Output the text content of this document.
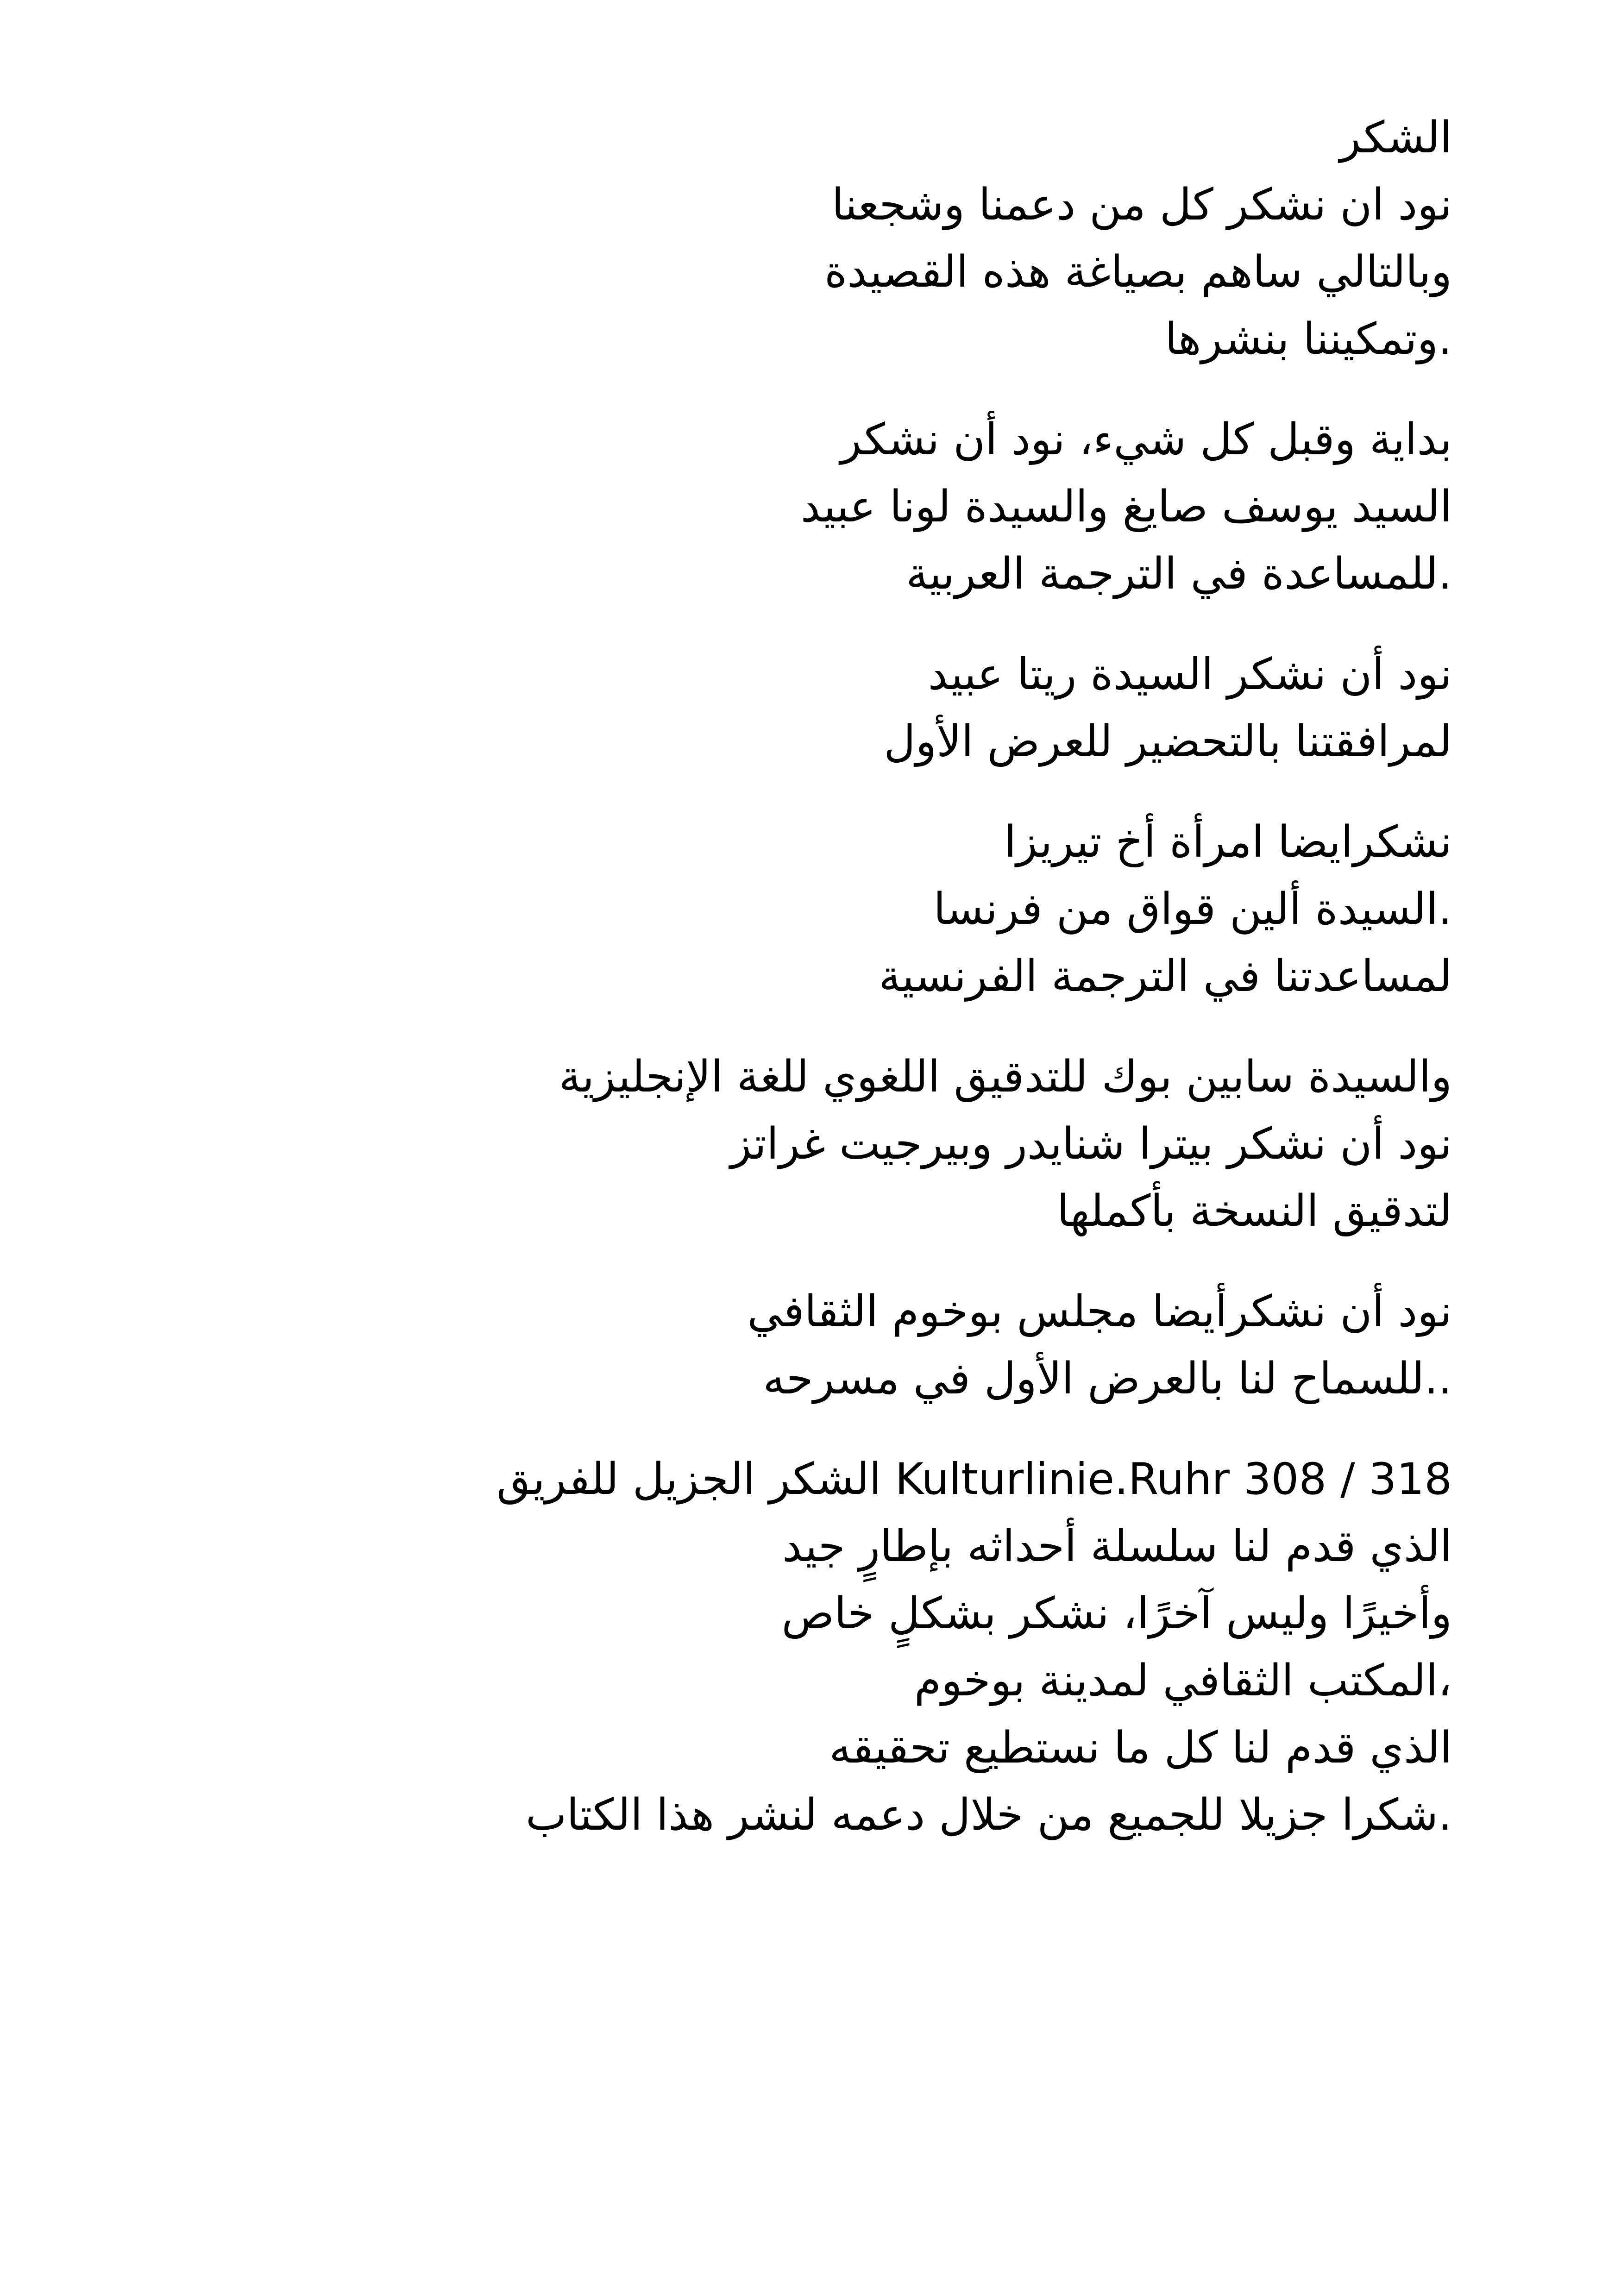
الشكر
نود ان نشكر كل من دعمنا وشجعنا
وبالتالي ساهم بصياغة هذه القصيدة
.وتمكيننا بنشرها
بداية وقبل كل شيء، نود أن نشكر
السيد يوسف صايغ والسيدة لونا عبيد
.للمساعدة في الترجمة العربية
نود أن نشكر السيدة ريتا عبيد
لمرافقتنا بالتحضير للعرض الأول
نشكرايضا امرأة أخ تيريزا
.السيدة ألين قواق من فرنسا
لمساعدتنا في الترجمة الفرنسية
والسيدة سابين بوك للتدقيق اللغوي للغة الإنجليزية
نود أن نشكر بيترا شنايدر وبيرجيت غراتز
لتدقيق النسخة بأكملها
نود أن نشكرأيضا مجلس بوخوم الثقافي
..للسماح لنا بالعرض الأول في مسرحه
Kulturlinie.Ruhr 308 / 318 الشكر الجزيل للفريق
الذي قدم لنا سلسلة أحداثه بإطارٍ جيد
وأخيرًا وليس آخرًا، نشكر بشكلٍ خاص
،المكتب الثقافي لمدينة بوخوم
الذي قدم لنا كل ما نستطيع تحقيقه
.شكرا جزيلا للجميع من خلال دعمه لنشر هذا الكتاب
